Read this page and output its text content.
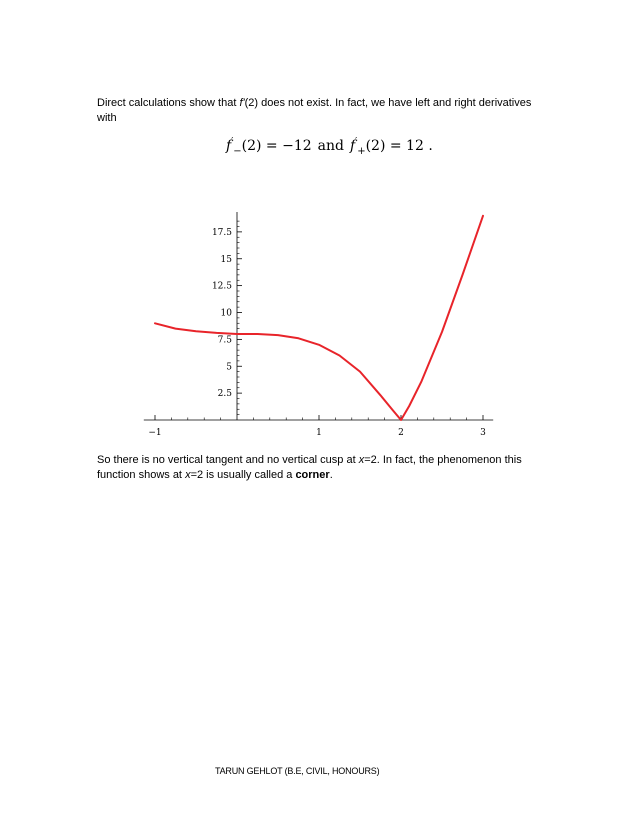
Direct calculations show that f'(2) does not exist. In fact, we have left and right derivatives with
$f'_-(2) = -12$ and $f'_+(2) = 12$ .
−1	1	2	3
2.5
5
7.5
10
12.5
15
17.5
So there is no vertical tangent and no vertical cusp at x=2. In fact, the phenomenon this function shows at x=2 is usually called a corner.
TARUN GEHLOT (B.E, CIVIL, HONOURS)
